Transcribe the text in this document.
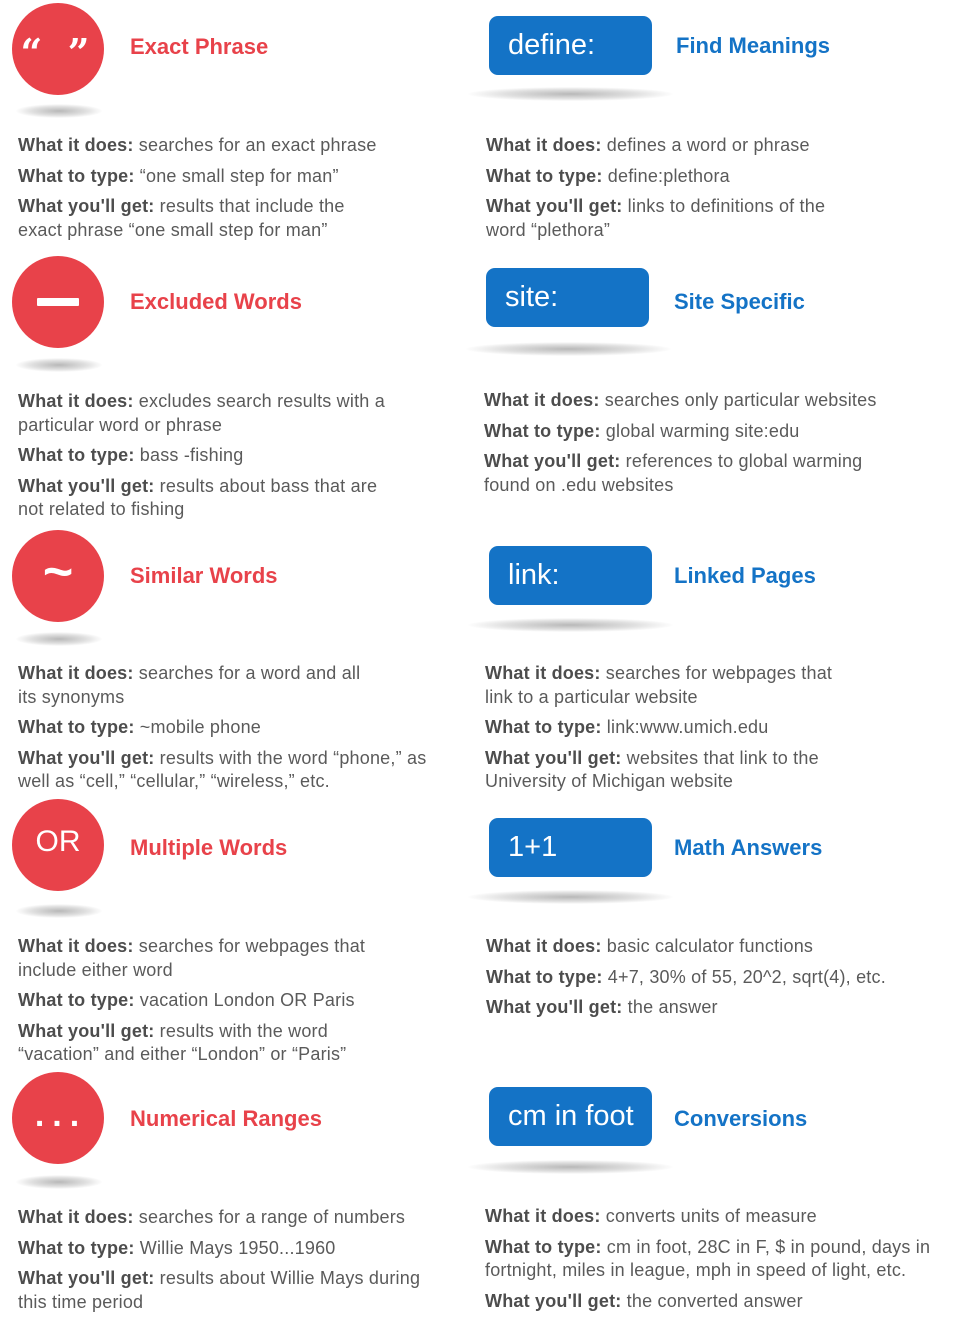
“ ” Exact Phrase

What it does: searches for an exact phrase

What to type: “one small step for man”

What you'll get: results that include the exact phrase “one small step for man”

Excluded Words

What it does: excludes search results with a particular word or phrase

What to type: bass -fishing

What you'll get: results about bass that are not related to fishing

~	Similar Words

What it does: searches for a word and all its synonyms

What to type: ~mobile phone

What you'll get: results with the word “phone,” as well as “cell,” “cellular,” “wireless,” etc.

OR Multiple Words

What it does: searches for webpages that include either word

What to type: vacation London OR Paris

What you'll get: results with the word “vacation” and either “London” or “Paris”

... Numerical Ranges

What it does: searches for a range of numbers

What to type: Willie Mays 1950...1960

What you'll get: results about Willie Mays during this time period

define:	Find Meanings

What it does: defines a word or phrase

What to type: define:plethora

What you'll get: links to definitions of the word “plethora”

site:	Site Specific

What it does: searches only particular websites

What to type: global warming site:edu

What you'll get: references to global warming found on .edu websites

link:	Linked Pages

What it does: searches for webpages that link to a particular website

What to type: link:www.umich.edu

What you'll get: websites that link to the University of Michigan website

1+1	Math Answers

What it does: basic calculator functions

What to type: 4+7, 30% of 55, 20^2, sqrt(4), etc.

What you'll get: the answer

cm in foot	Conversions

What it does: converts units of measure

What to type: cm in foot, 28C in F, $ in pound, days in fortnight, miles in league, mph in speed of light, etc.

What you'll get: the converted answer
